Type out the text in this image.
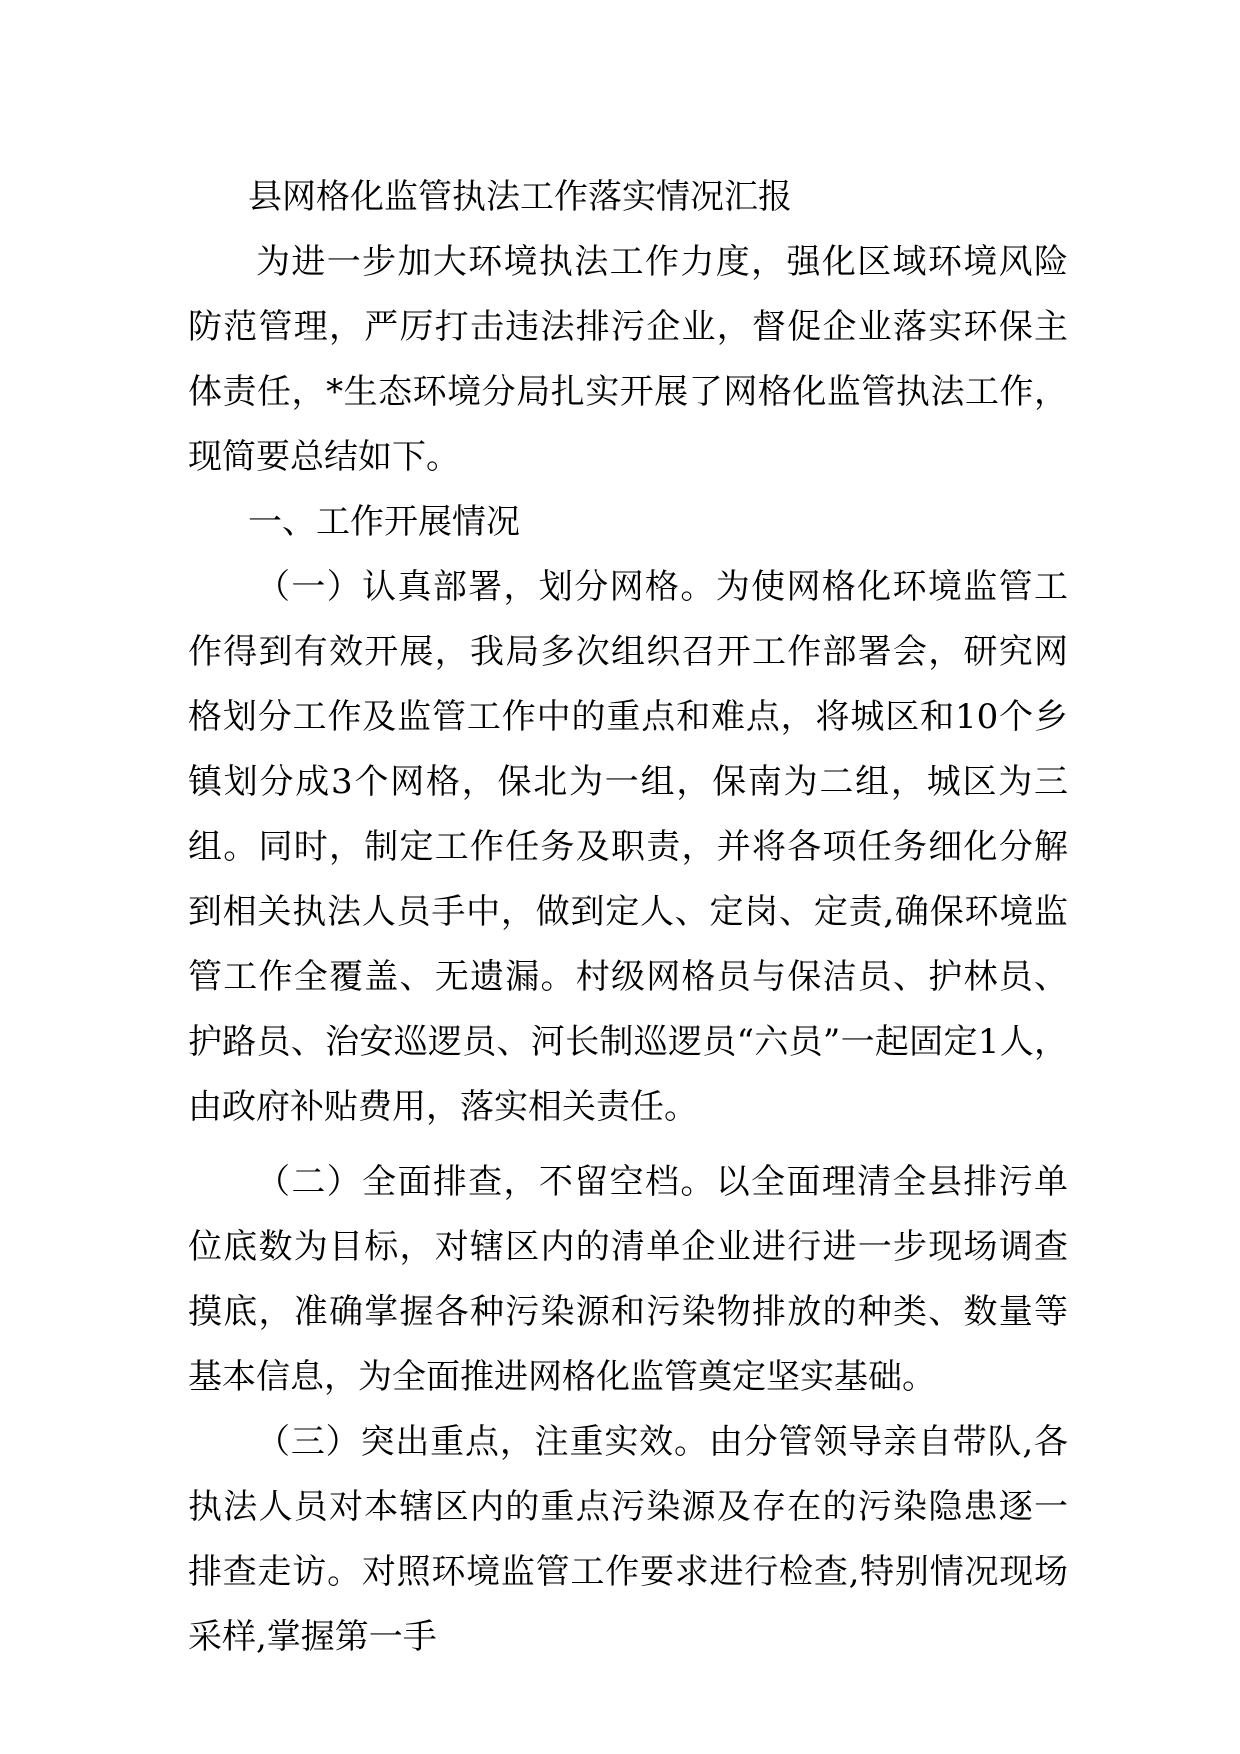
县网格化监管执法工作落实情况汇报

为进一步加大环境执法工作力度，强化区域环境风险防范管理，严厉打击违法排污企业，督促企业落实环保主体责任，*生态环境分局扎实开展了网格化监管执法工作，现简要总结如下。

一、工作开展情况

（一）认真部署，划分网格。为使网格化环境监管工作得到有效开展，我局多次组织召开工作部署会，研究网格划分工作及监管工作中的重点和难点，将城区和10个乡镇划分成3个网格，保北为一组，保南为二组，城区为三组。同时，制定工作任务及职责，并将各项任务细化分解到相关执法人员手中，做到定人、定岗、定责,确保环境监管工作全覆盖、无遗漏。村级网格员与保洁员、护林员、护路员、治安巡逻员、河长制巡逻员“六员”一起固定1人，由政府补贴费用，落实相关责任。

（二）全面排查，不留空档。以全面理清全县排污单位底数为目标，对辖区内的清单企业进行进一步现场调查摸底，准确掌握各种污染源和污染物排放的种类、数量等基本信息，为全面推进网格化监管奠定坚实基础。

（三）突出重点，注重实效。由分管领导亲自带队,各执法人员对本辖区内的重点污染源及存在的污染隐患逐一排查走访。对照环境监管工作要求进行检查,特别情况现场采样,掌握第一手
